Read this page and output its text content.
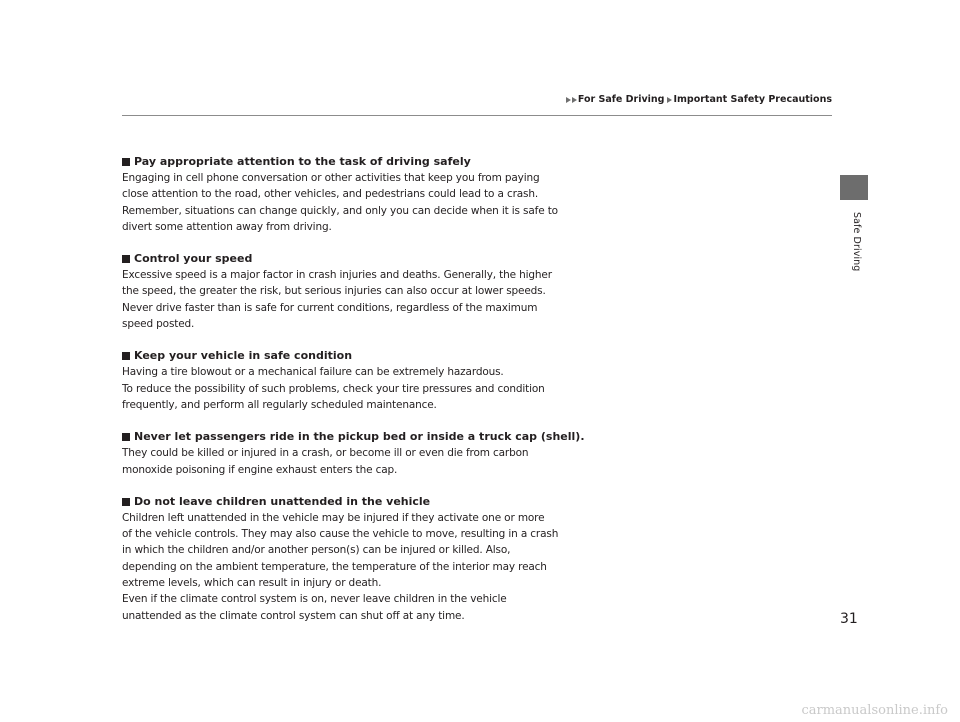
For Safe Driving Important Safety Precautions
Safe Driving

Pay appropriate attention to the task of driving safely

Engaging in cell phone conversation or other activities that keep you from paying

close attention to the road, other vehicles, and pedestrians could lead to a crash.

Remember, situations can change quickly, and only you can decide when it is safe to

divert some attention away from driving.

Control your speed

Excessive speed is a major factor in crash injuries and deaths. Generally, the higher

the speed, the greater the risk, but serious injuries can also occur at lower speeds.

Never drive faster than is safe for current conditions, regardless of the maximum

speed posted.

Keep your vehicle in safe condition

Having a tire blowout or a mechanical failure can be extremely hazardous.

To reduce the possibility of such problems, check your tire pressures and condition

frequently, and perform all regularly scheduled maintenance.

Never let passengers ride in the pickup bed or inside a truck cap (shell).

They could be killed or injured in a crash, or become ill or even die from carbon

monoxide poisoning if engine exhaust enters the cap.

Do not leave children unattended in the vehicle

Children left unattended in the vehicle may be injured if they activate one or more

of the vehicle controls. They may also cause the vehicle to move, resulting in a crash

in which the children and/or another person(s) can be injured or killed. Also,

depending on the ambient temperature, the temperature of the interior may reach

extreme levels, which can result in injury or death.

Even if the climate control system is on, never leave children in the vehicle

unattended as the climate control system can shut off at any time.	31
carmanualsonline.info
